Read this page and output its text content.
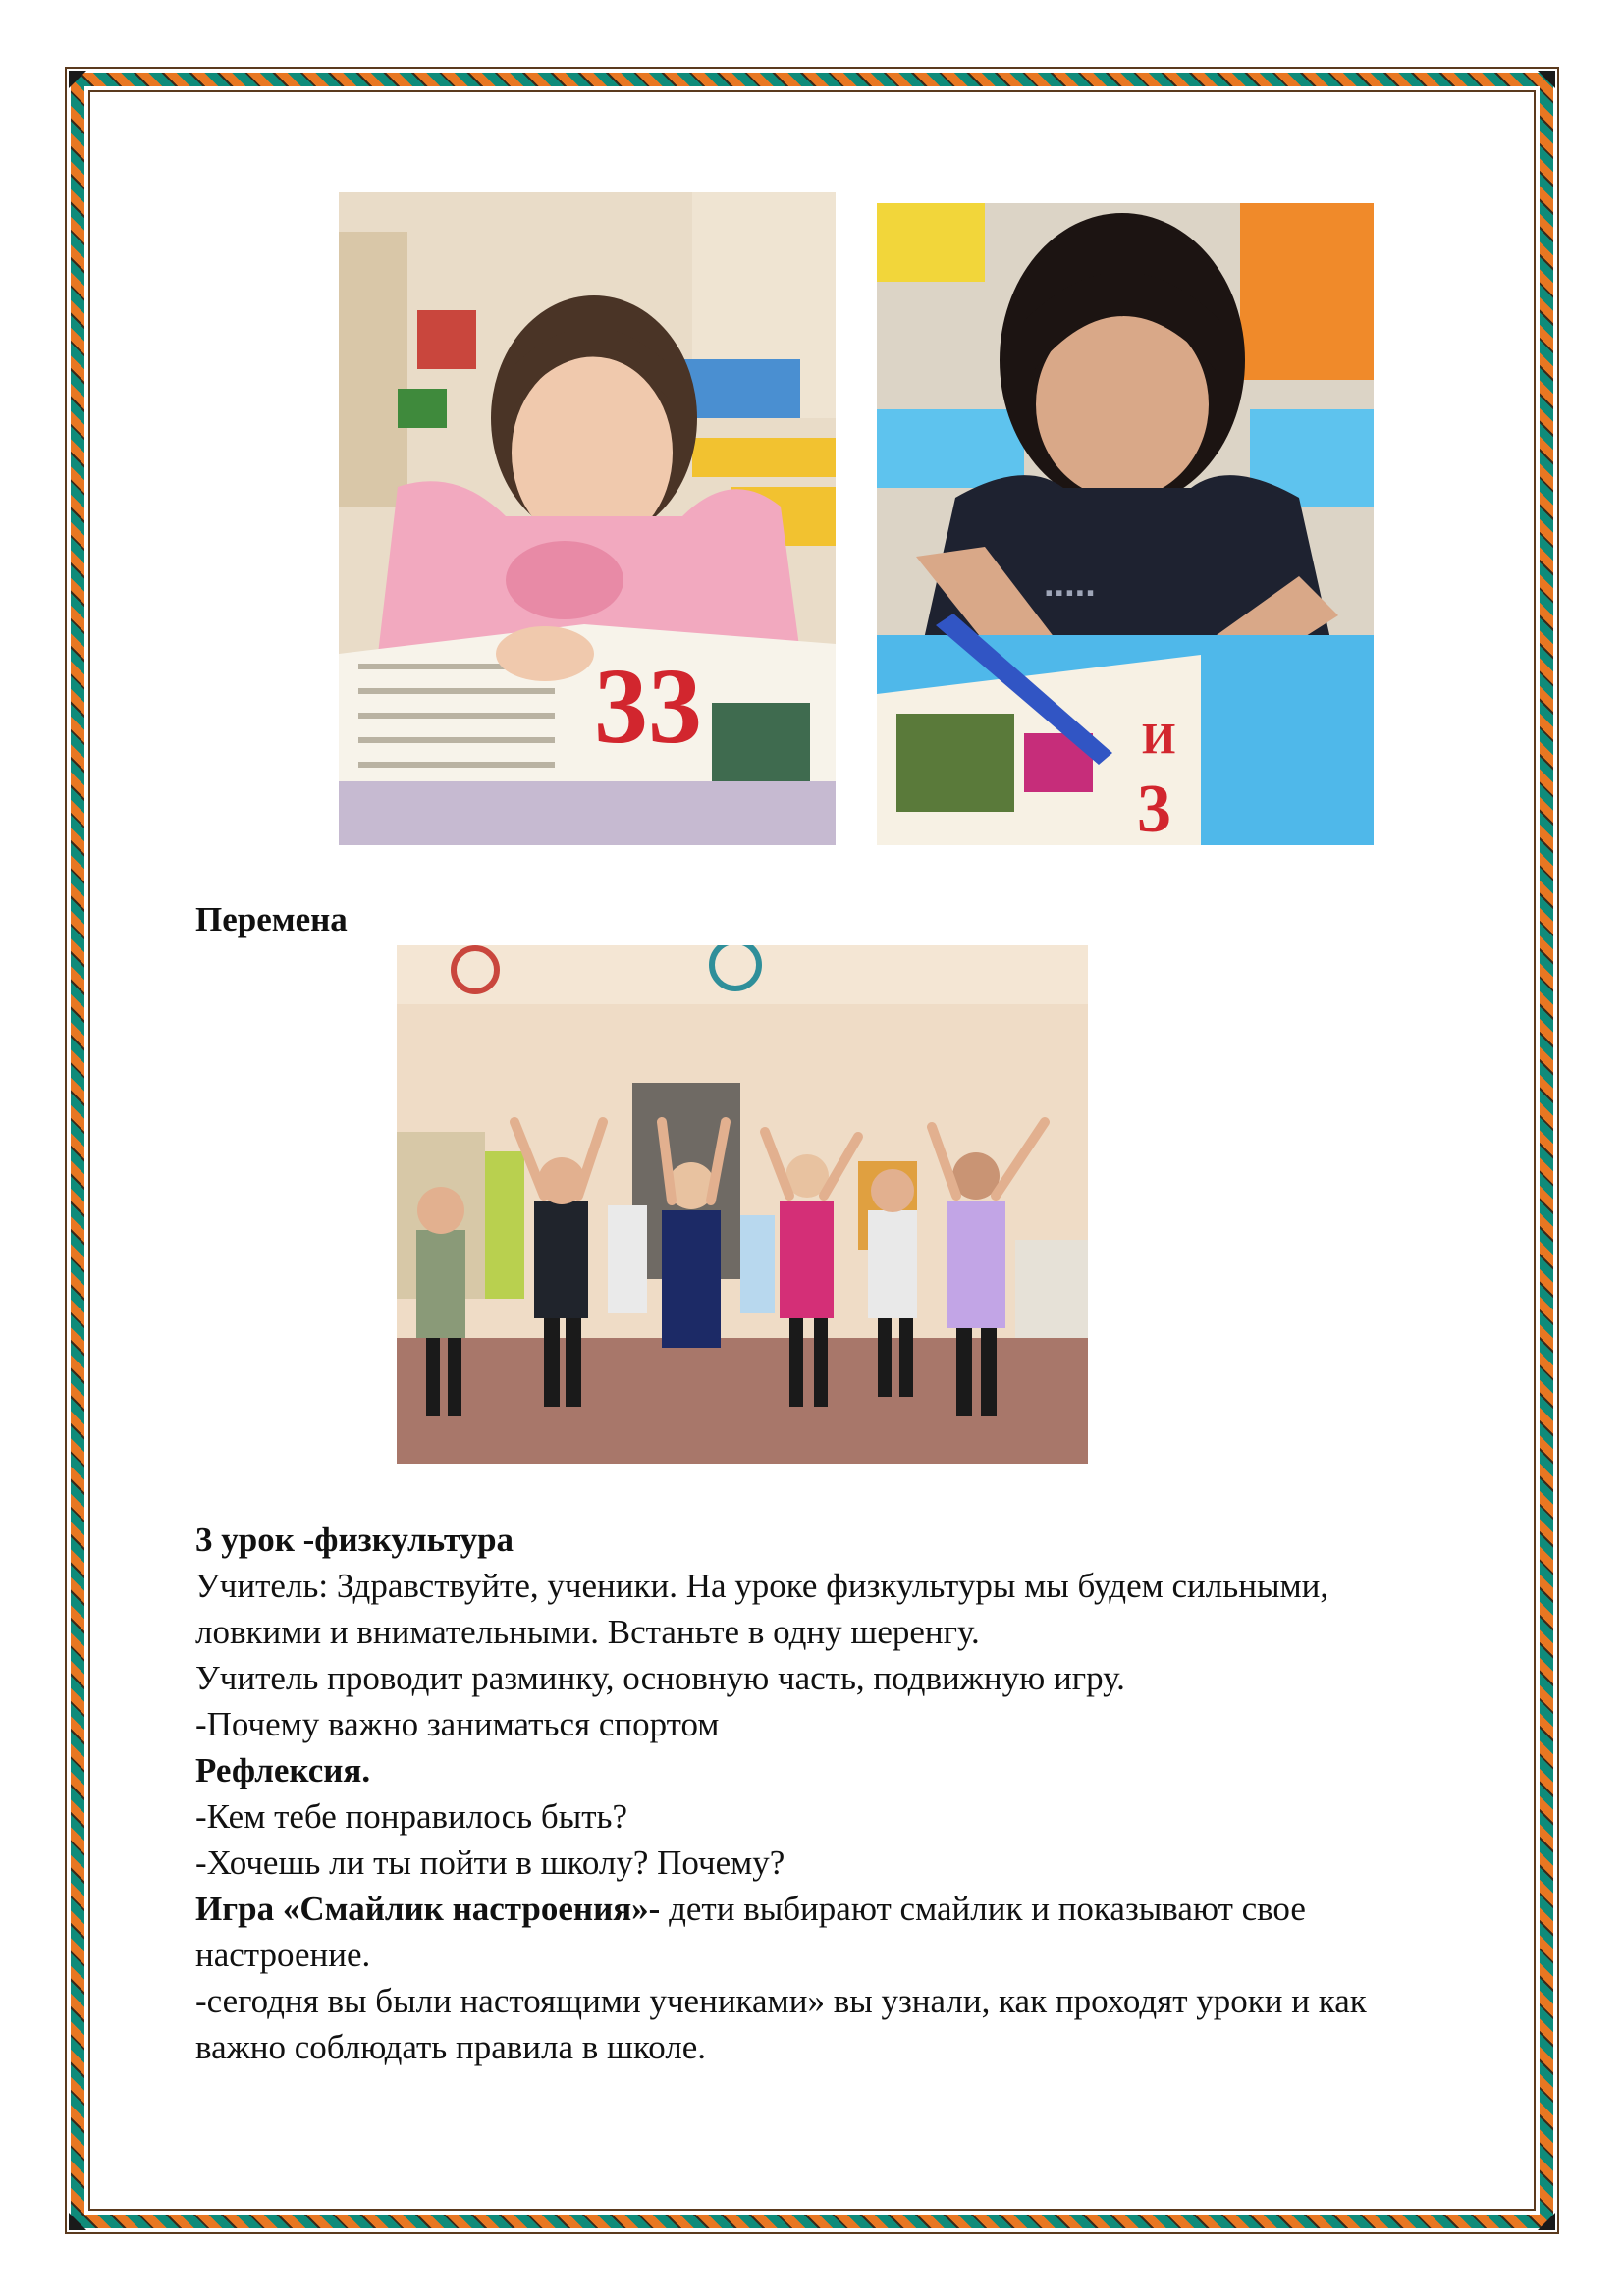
33
.....
И
3
Перемена
3 урок -физкультура
Учитель: Здравствуйте, ученики. На уроке физкультуры мы будем сильными,
ловкими и внимательными. Встаньте в одну шеренгу.
Учитель проводит разминку, основную часть, подвижную игру.
-Почему важно заниматься спортом
Рефлексия.
-Кем тебе понравилось быть?
-Хочешь ли ты пойти в школу? Почему?
Игра «Смайлик настроения»- дети выбирают смайлик и показывают свое
настроение.
-сегодня вы были настоящими учениками» вы узнали, как проходят уроки и как
важно соблюдать правила в школе.
